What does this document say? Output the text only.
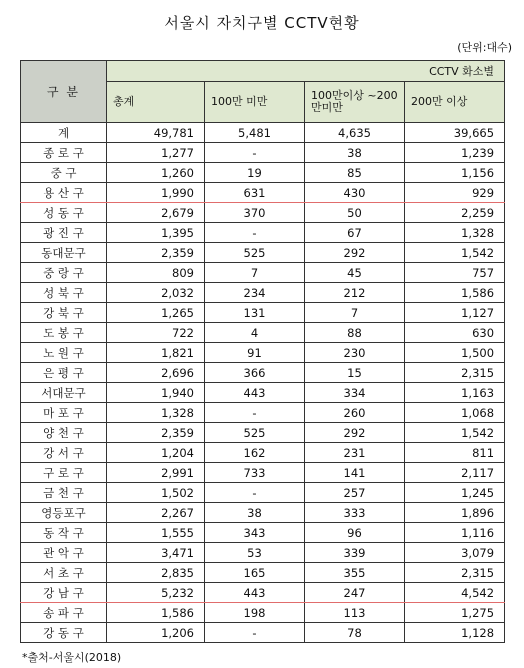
서울시 자치구별 CCTV현황
(단위:대수)
구 분	CCTV 화소별			
	총계	100만 미만	100만이상 ~200만미만	200만 이상
계	49,781	5,481	4,635	39,665
종 로 구	1,277	-	38	1,239
중 구	1,260	19	85	1,156
용 산 구	1,990	631	430	929
성 동 구	2,679	370	50	2,259
광 진 구	1,395	-	67	1,328
동대문구	2,359	525	292	1,542
중 랑 구	809	7	45	757
성 북 구	2,032	234	212	1,586
강 북 구	1,265	131	7	1,127
도 봉 구	722	4	88	630
노 원 구	1,821	91	230	1,500
은 평 구	2,696	366	15	2,315
서대문구	1,940	443	334	1,163
마 포 구	1,328	-	260	1,068
양 천 구	2,359	525	292	1,542
강 서 구	1,204	162	231	811
구 로 구	2,991	733	141	2,117
금 천 구	1,502	-	257	1,245
영등포구	2,267	38	333	1,896
동 작 구	1,555	343	96	1,116
관 악 구	3,471	53	339	3,079
서 초 구	2,835	165	355	2,315
강 남 구	5,232	443	247	4,542
송 파 구	1,586	198	113	1,275
강 동 구	1,206	-	78	1,128
*출처-서울시(2018)
